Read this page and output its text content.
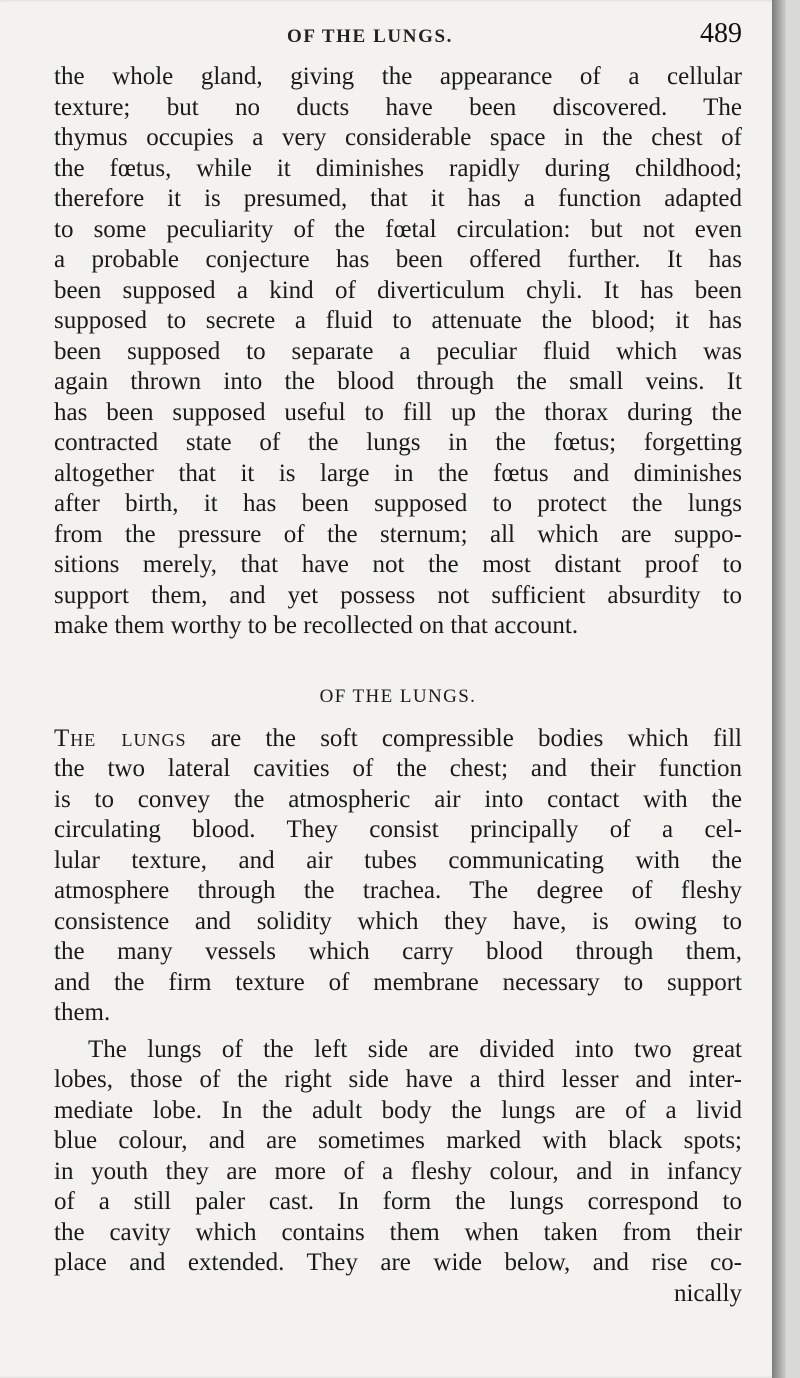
OF THE LUNGS.	489
the whole gland, giving the appearance of a cellular
texture; but no ducts have been discovered. The
thymus occupies a very considerable space in the chest of
the fœtus, while it diminishes rapidly during childhood;
therefore it is presumed, that it has a function adapted
to some peculiarity of the fœtal circulation: but not even
a probable conjecture has been offered further. It has
been supposed a kind of diverticulum chyli. It has been
supposed to secrete a fluid to attenuate the blood; it has
been supposed to separate a peculiar fluid which was
again thrown into the blood through the small veins. It
has been supposed useful to fill up the thorax during the
contracted state of the lungs in the fœtus; forgetting
altogether that it is large in the fœtus and diminishes
after birth, it has been supposed to protect the lungs
from the pressure of the sternum; all which are suppo-
sitions merely, that have not the most distant proof to
support them, and yet possess not sufficient absurdity to
make them worthy to be recollected on that account.
OF THE LUNGS.
The lungs are the soft compressible bodies which fill
the two lateral cavities of the chest; and their function
is to convey the atmospheric air into contact with the
circulating blood. They consist principally of a cel-
lular texture, and air tubes communicating with the
atmosphere through the trachea. The degree of fleshy
consistence and solidity which they have, is owing to
the many vessels which carry blood through them,
and the firm texture of membrane necessary to support
them.
The lungs of the left side are divided into two great
lobes, those of the right side have a third lesser and inter-
mediate lobe. In the adult body the lungs are of a livid
blue colour, and are sometimes marked with black spots;
in youth they are more of a fleshy colour, and in infancy
of a still paler cast. In form the lungs correspond to
the cavity which contains them when taken from their
place and extended. They are wide below, and rise co-
nically
